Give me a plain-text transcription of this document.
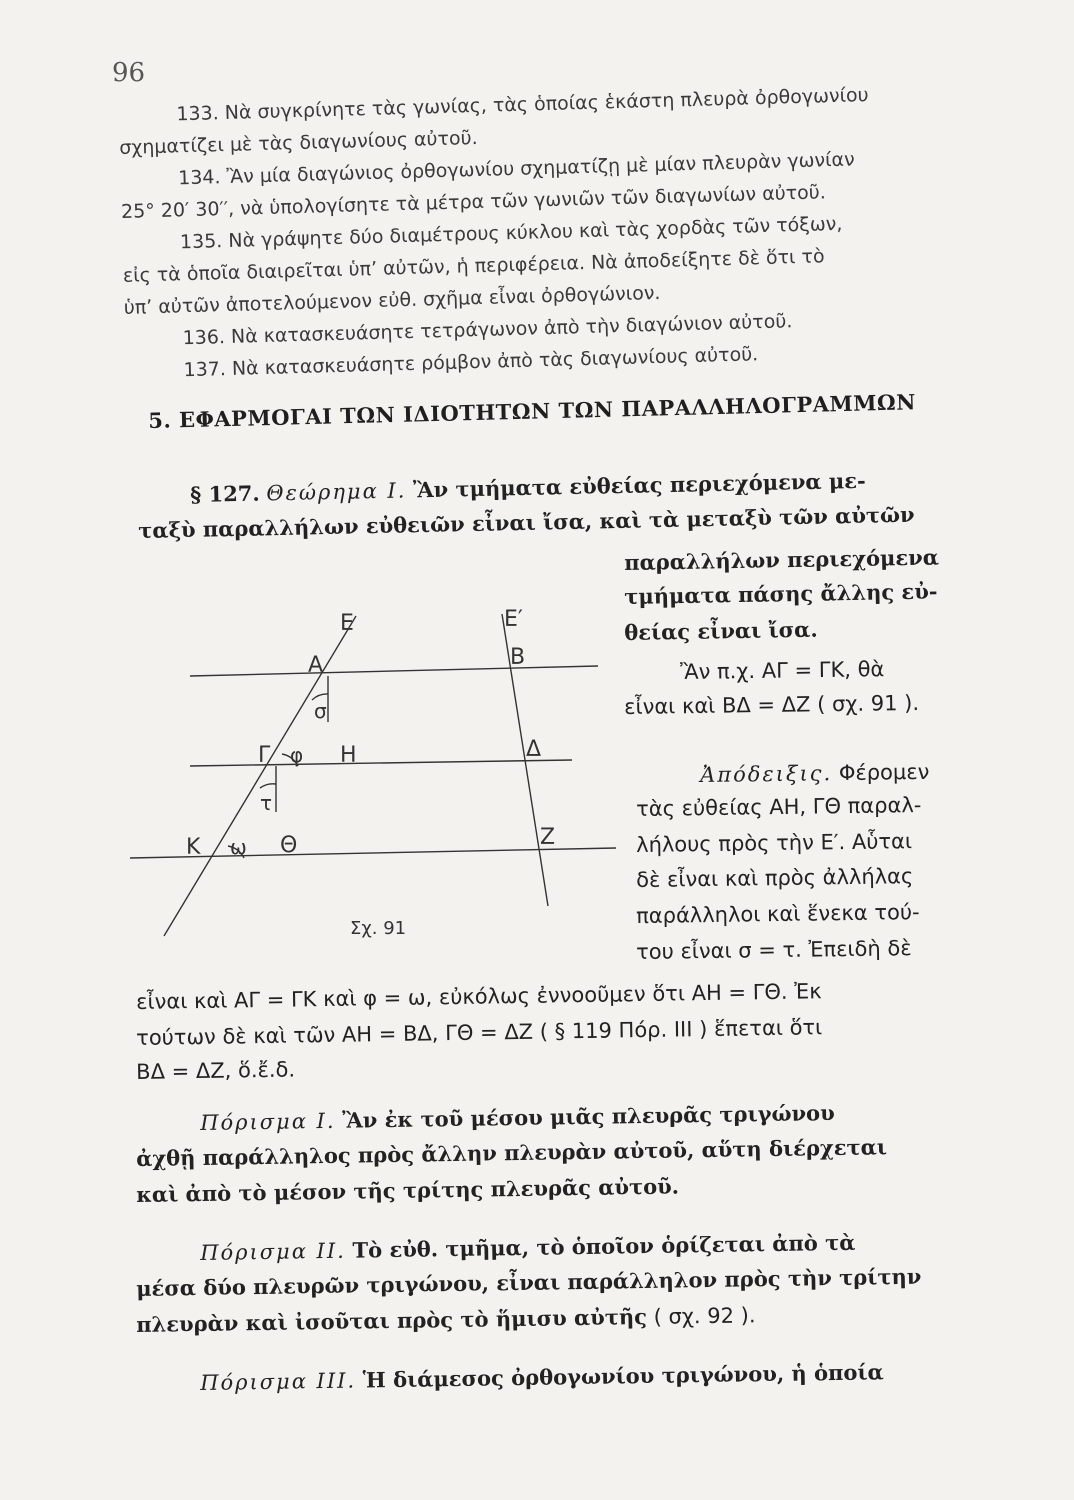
96

133. Νὰ συγκρίνητε τὰς γωνίας, τὰς ὁποίας ἑκάστη πλευρὰ ὀρθογωνίου

σχηματίζει μὲ τὰς διαγωνίους αὐτοῦ.

134. Ἂν μία διαγώνιος ὀρθογωνίου σχηματίζῃ μὲ μίαν πλευρὰν γωνίαν

25° 20′ 30′′, νὰ ὑπολογίσητε τὰ μέτρα τῶν γωνιῶν τῶν διαγωνίων αὐτοῦ.

135. Νὰ γράψητε δύο διαμέτρους κύκλου καὶ τὰς χορδὰς τῶν τόξων,

εἰς τὰ ὁποῖα διαιρεῖται ὑπ’ αὐτῶν, ἡ περιφέρεια. Νὰ ἀποδείξητε δὲ ὅτι τὸ

ὑπ’ αὐτῶν ἀποτελούμενον εὐθ. σχῆμα εἶναι ὀρθογώνιον.

136. Νὰ κατασκευάσητε τετράγωνον ἀπὸ τὴν διαγώνιον αὐτοῦ.

137. Νὰ κατασκευάσητε ρόμβον ἀπὸ τὰς διαγωνίους αὐτοῦ.

5. ΕΦΑΡΜΟΓΑΙ ΤΩΝ ΙΔΙΟΤΗΤΩΝ ΤΩΝ ΠΑΡΑΛΛΗΛΟΓΡΑΜΜΩΝ
§ 127. Θεώρημα I. Ἂν τμήματα εὐθείας περιεχόμενα με-
ταξὺ παραλλήλων εὐθειῶν εἶναι ἴσα, καὶ τὰ μεταξὺ τῶν αὐτῶν
παραλλήλων περιεχόμενα
τμήματα πάσης ἄλλης εὐ-
θείας εἶναι ἴσα.
Ἂν π.χ. ΑΓ = ΓΚ, θὰ
εἶναι καὶ ΒΔ = ΔΖ ( σχ. 91 ).
Ἀπόδειξις. Φέρομεν
τὰς εὐθείας ΑΗ, ΓΘ παραλ-
λήλους πρὸς τὴν Ε′. Αὗται
δὲ εἶναι καὶ πρὸς ἀλλήλας
παράλληλοι καὶ ἕνεκα τού-
του εἶναι σ = τ. Ἐπειδὴ δὲ
εἶναι καὶ ΑΓ = ΓΚ καὶ φ = ω, εὐκόλως ἐννοοῦμεν ὅτι ΑΗ = ΓΘ. Ἐκ
τούτων δὲ καὶ τῶν ΑΗ = ΒΔ, ΓΘ = ΔΖ ( § 119 Πόρ. III ) ἕπεται ὅτι
ΒΔ = ΔΖ, ὅ.ἔ.δ.
Πόρισμα I. Ἂν ἐκ τοῦ μέσου μιᾶς πλευρᾶς τριγώνου
ἀχθῇ παράλληλος πρὸς ἄλλην πλευρὰν αὐτοῦ, αὕτη διέρχεται
καὶ ἀπὸ τὸ μέσον τῆς τρίτης πλευρᾶς αὐτοῦ.
Πόρισμα II. Τὸ εὐθ. τμῆμα, τὸ ὁποῖον ὁρίζεται ἀπὸ τὰ
μέσα δύο πλευρῶν τριγώνου, εἶναι παράλληλον πρὸς τὴν τρίτην
πλευρὰν καὶ ἰσοῦται πρὸς τὸ ἥμισυ αὐτῆς ( σχ. 92 ).
Πόρισμα III. Ἡ διάμεσος ὀρθογωνίου τριγώνου, ἡ ὁποία
Ε	Ε′
Α	Β
σ
Γ φ Η	Δ
τ
Κ ω Θ	Ζ
Σχ. 91
